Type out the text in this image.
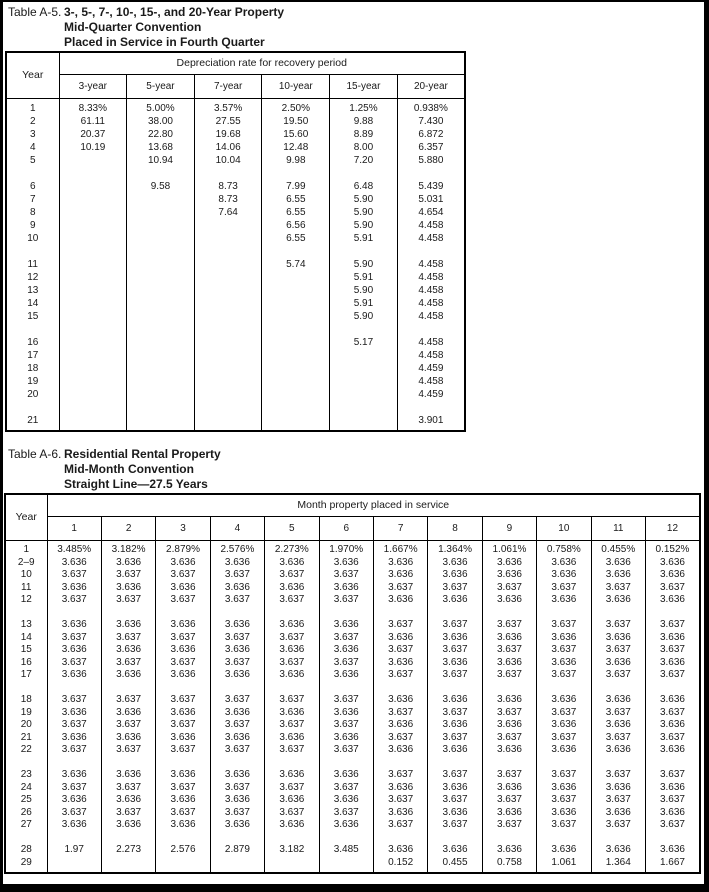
Table A-5. 3-, 5-, 7-, 10-, 15-, and 20-Year Property
Mid-Quarter Convention
Placed in Service in Fourth Quarter
Year	Depreciation rate for recovery period					
	3-year	5-year	7-year	10-year	15-year	20-year

1	8.33%	5.00%	3.57%	2.50%	1.25%	0.938%
2	61.11	38.00	27.55	19.50	9.88	7.430
3	20.37	22.80	19.68	15.60	8.89	6.872
4	10.19	13.68	14.06	12.48	8.00	6.357
5		10.94	10.04	9.98	7.20	5.880

6		9.58	8.73	7.99	6.48	5.439
7			8.73	6.55	5.90	5.031
8			7.64	6.55	5.90	4.654
9				6.56	5.90	4.458
10				6.55	5.91	4.458

11				5.74	5.90	4.458
12					5.91	4.458
13					5.90	4.458
14					5.91	4.458
15					5.90	4.458

16					5.17	4.458
17						4.458
18						4.459
19						4.458
20						4.459

21						3.901

Table A-6. Residential Rental Property
Mid-Month Convention
Straight Line—27.5 Years
Year	Month property placed in service											
	1	2	3	4	5	6	7	8	9	10	11	12

1	3.485%	3.182%	2.879%	2.576%	2.273%	1.970%	1.667%	1.364%	1.061%	0.758%	0.455%	0.152%
2–9	3.636	3.636	3.636	3.636	3.636	3.636	3.636	3.636	3.636	3.636	3.636	3.636
10	3.637	3.637	3.637	3.637	3.637	3.637	3.636	3.636	3.636	3.636	3.636	3.636
11	3.636	3.636	3.636	3.636	3.636	3.636	3.637	3.637	3.637	3.637	3.637	3.637
12	3.637	3.637	3.637	3.637	3.637	3.637	3.636	3.636	3.636	3.636	3.636	3.636

13	3.636	3.636	3.636	3.636	3.636	3.636	3.637	3.637	3.637	3.637	3.637	3.637
14	3.637	3.637	3.637	3.637	3.637	3.637	3.636	3.636	3.636	3.636	3.636	3.636
15	3.636	3.636	3.636	3.636	3.636	3.636	3.637	3.637	3.637	3.637	3.637	3.637
16	3.637	3.637	3.637	3.637	3.637	3.637	3.636	3.636	3.636	3.636	3.636	3.636
17	3.636	3.636	3.636	3.636	3.636	3.636	3.637	3.637	3.637	3.637	3.637	3.637

18	3.637	3.637	3.637	3.637	3.637	3.637	3.636	3.636	3.636	3.636	3.636	3.636
19	3.636	3.636	3.636	3.636	3.636	3.636	3.637	3.637	3.637	3.637	3.637	3.637
20	3.637	3.637	3.637	3.637	3.637	3.637	3.636	3.636	3.636	3.636	3.636	3.636
21	3.636	3.636	3.636	3.636	3.636	3.636	3.637	3.637	3.637	3.637	3.637	3.637
22	3.637	3.637	3.637	3.637	3.637	3.637	3.636	3.636	3.636	3.636	3.636	3.636

23	3.636	3.636	3.636	3.636	3.636	3.636	3.637	3.637	3.637	3.637	3.637	3.637
24	3.637	3.637	3.637	3.637	3.637	3.637	3.636	3.636	3.636	3.636	3.636	3.636
25	3.636	3.636	3.636	3.636	3.636	3.636	3.637	3.637	3.637	3.637	3.637	3.637
26	3.637	3.637	3.637	3.637	3.637	3.637	3.636	3.636	3.636	3.636	3.636	3.636
27	3.636	3.636	3.636	3.636	3.636	3.636	3.637	3.637	3.637	3.637	3.637	3.637

28	1.97	2.273	2.576	2.879	3.182	3.485	3.636	3.636	3.636	3.636	3.636	3.636
29							0.152	0.455	0.758	1.061	1.364	1.667
